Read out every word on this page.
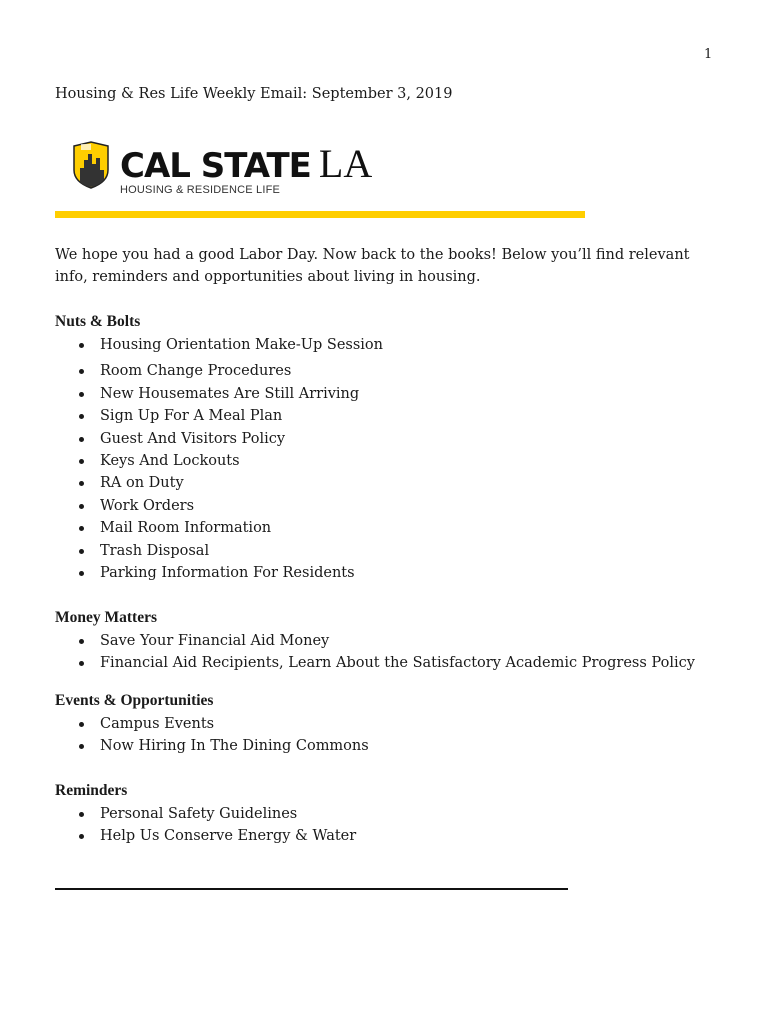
1
Housing & Res Life Weekly Email: September 3, 2019
CAL STATE LA
HOUSING & RESIDENCE LIFE
We hope you had a good Labor Day. Now back to the books! Below you’ll find relevant info, reminders and opportunities about living in housing.
Nuts & Bolts
Housing Orientation Make-Up Session
Room Change Procedures
New Housemates Are Still Arriving
Sign Up For A Meal Plan
Guest And Visitors Policy
Keys And Lockouts
RA on Duty
Work Orders
Mail Room Information
Trash Disposal
Parking Information For Residents
Money Matters
Save Your Financial Aid Money
Financial Aid Recipients, Learn About the Satisfactory Academic Progress Policy
Events & Opportunities
Campus Events
Now Hiring In The Dining Commons
Reminders
Personal Safety Guidelines
Help Us Conserve Energy & Water
